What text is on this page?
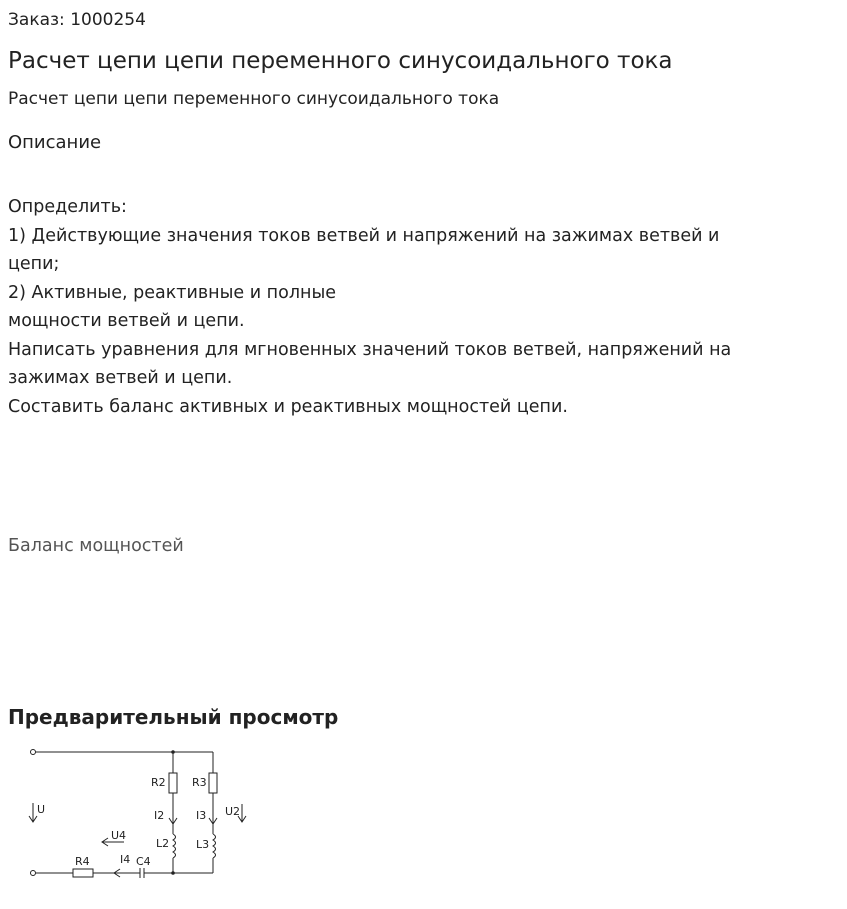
Заказ: 1000254
Расчет цепи цепи переменного синусоидального тока
Расчет цепи цепи переменного синусоидального тока
Описание
Определить:
1) Действующие значения токов ветвей и напряжений на зажимах ветвей и
цепи;
2) Активные, реактивные и полные
мощности ветвей и цепи.
Написать уравнения для мгновенных значений токов ветвей, напряжений на
зажимах ветвей и цепи.
Составить баланс активных и реактивных мощностей цепи.
Баланс мощностей
Предварительный просмотр
U
R2 R3
I2	I3 U2
L2 L3
U4
R4	I4 C4
